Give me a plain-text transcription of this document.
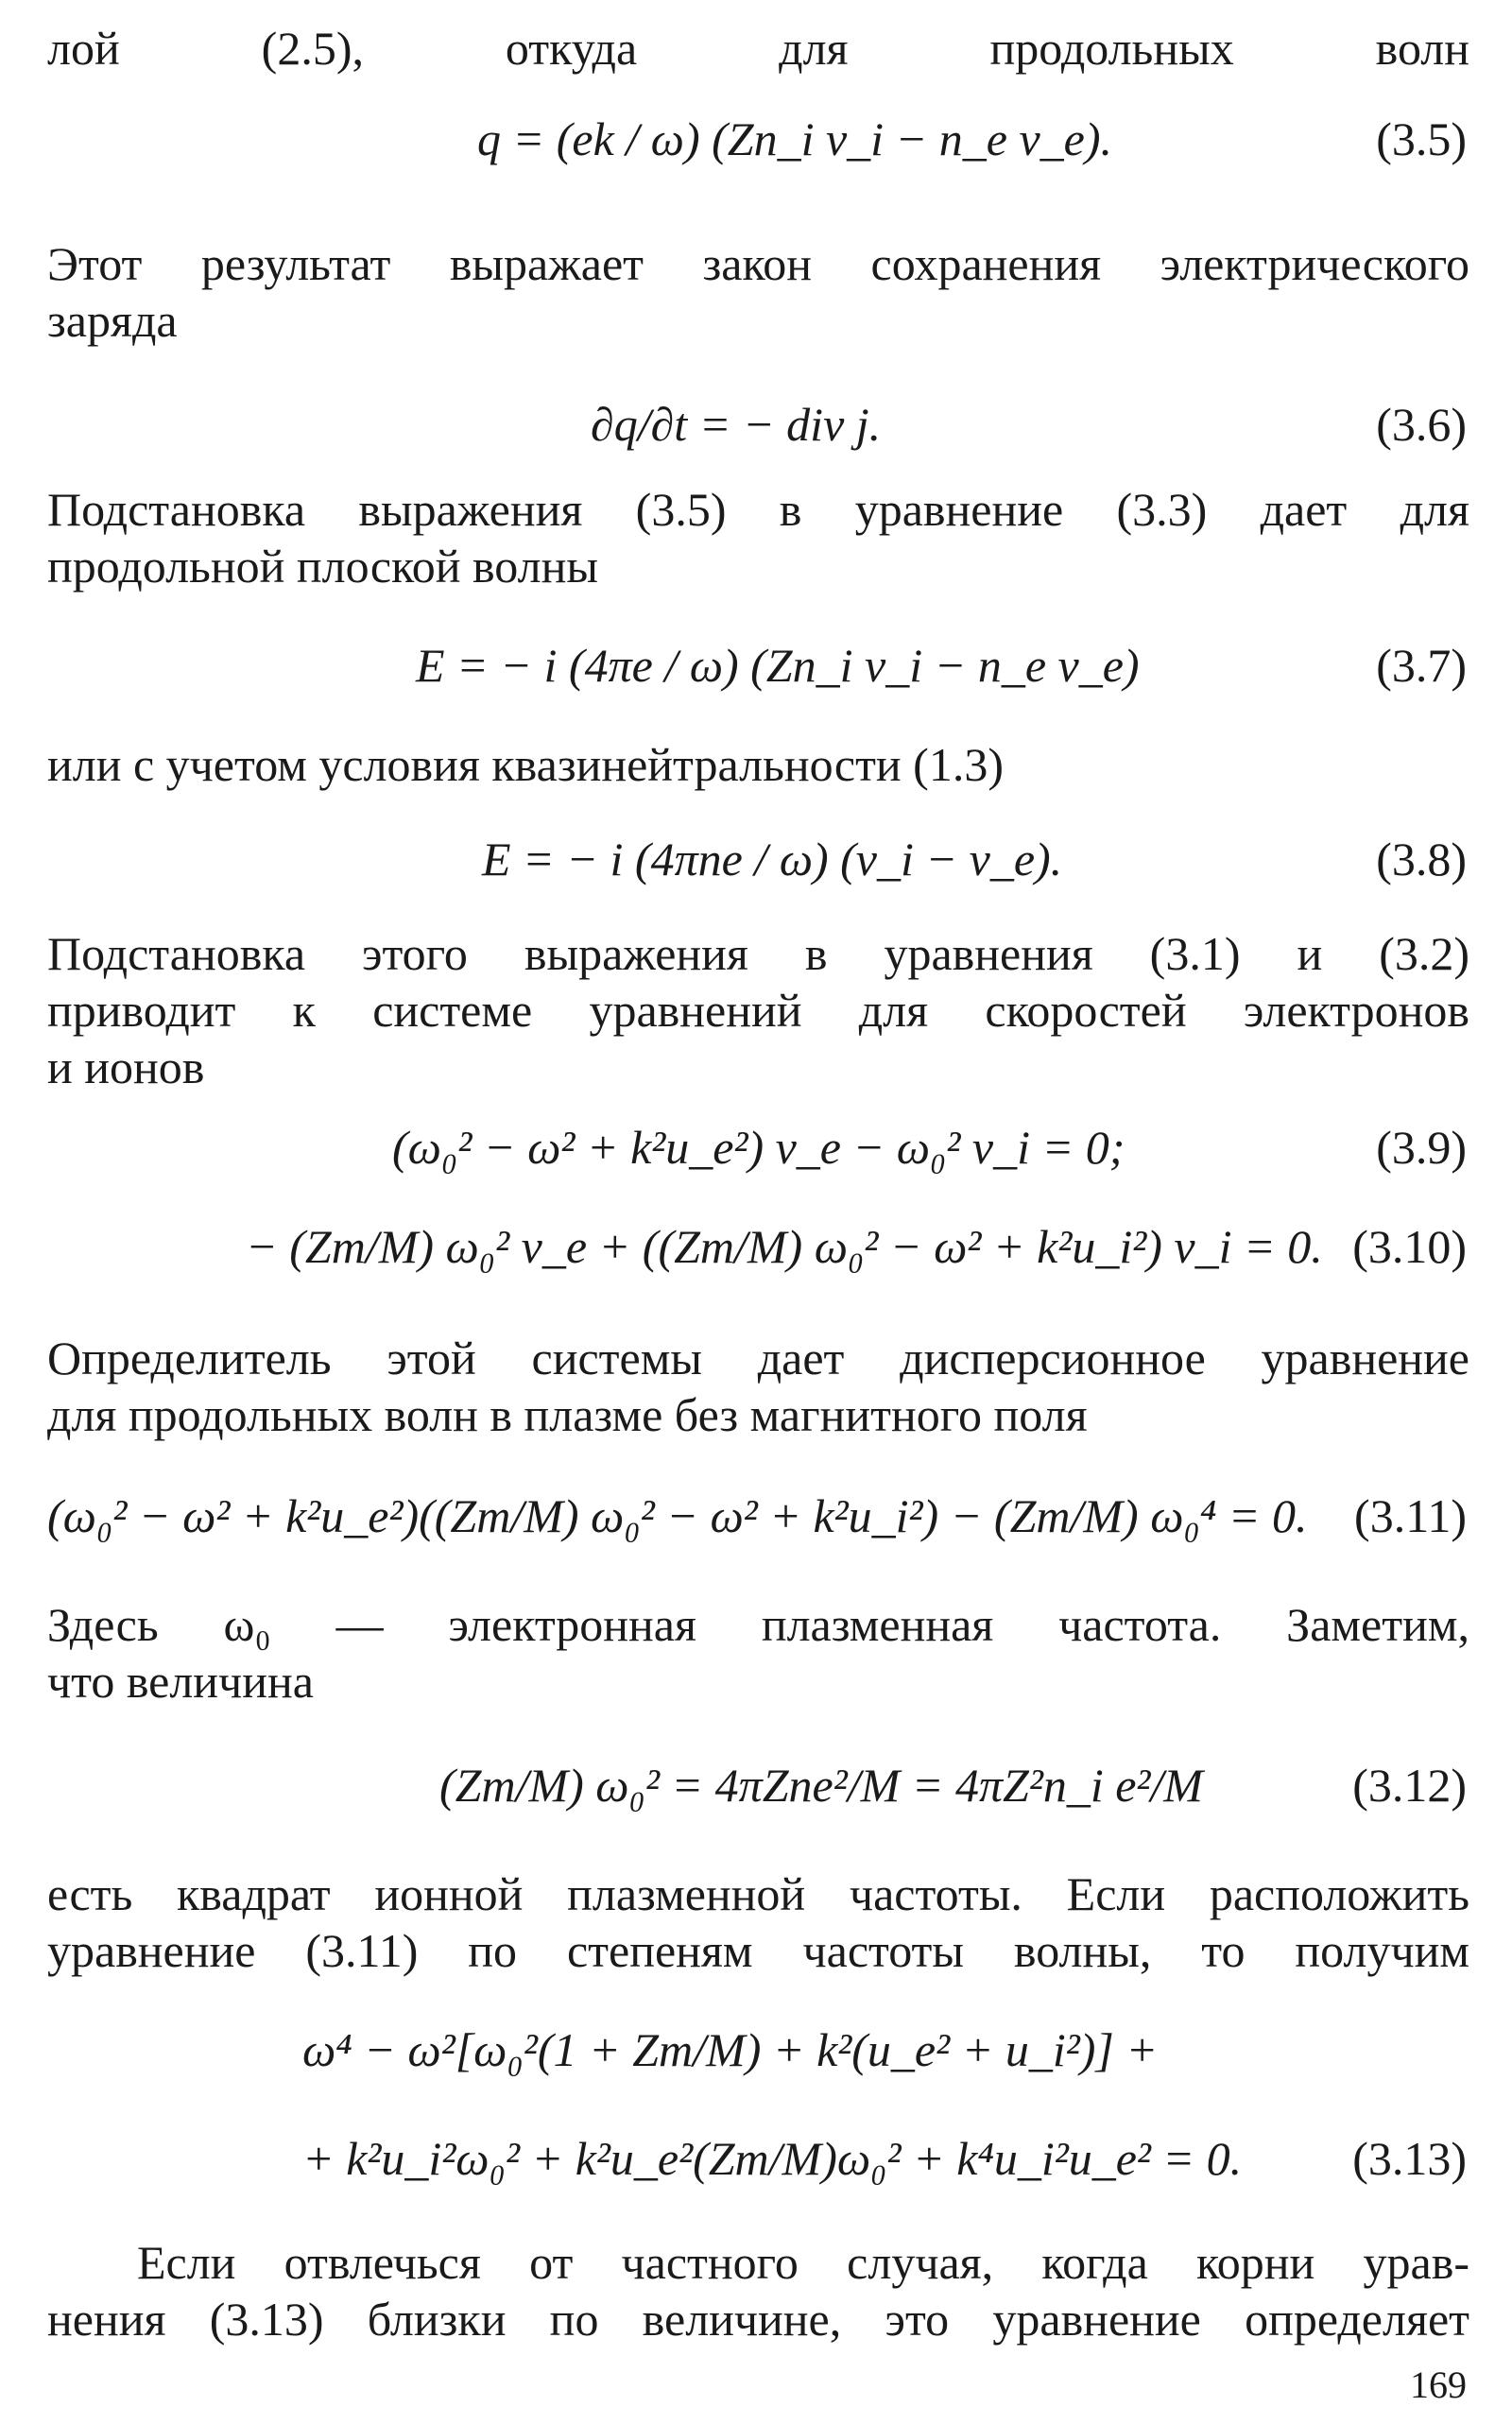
лой (2.5), откуда для продольных волн
q = (ek / ω) (Zn_i v_i − n_e v_e).	(3.5)
Этот результат выражает закон сохранения электрического
заряда
∂q/∂t = − div j.	(3.6)
Подстановка выражения (3.5) в уравнение (3.3) дает для
продольной плоской волны
E = − i (4πe / ω) (Zn_i v_i − n_e v_e)	(3.7)
или с учетом условия квазинейтральности (1.3)
E = − i (4πne / ω) (v_i − v_e).	(3.8)
Подстановка этого выражения в уравнения (3.1) и (3.2)
приводит к системе уравнений для скоростей электронов
и ионов
(ω₀² − ω² + k²u_e²) v_e − ω₀² v_i = 0;	(3.9)
− (Zm/M) ω₀² v_e + ((Zm/M) ω₀² − ω² + k²u_i²) v_i = 0. (3.10)
Определитель этой системы дает дисперсионное уравнение
для продольных волн в плазме без магнитного поля
(ω₀² − ω² + k²u_e²)((Zm/M) ω₀² − ω² + k²u_i²) − (Zm/M) ω₀⁴ = 0. (3.11)
Здесь ω₀ — электронная плазменная частота. Заметим,
что величина
(Zm/M) ω₀² = 4πZne²/M = 4πZ²n_i e²/M	(3.12)
есть квадрат ионной плазменной частоты. Если расположить
уравнение (3.11) по степеням частоты волны, то получим
ω⁴ − ω²[ω₀²(1 + Zm/M) + k²(u_e² + u_i²)] +
+ k²u_i²ω₀² + k²u_e²(Zm/M)ω₀² + k⁴u_i²u_e² = 0. (3.13)
Если отвлечься от частного случая, когда корни урав-
нения (3.13) близки по величине, это уравнение определяет
169
